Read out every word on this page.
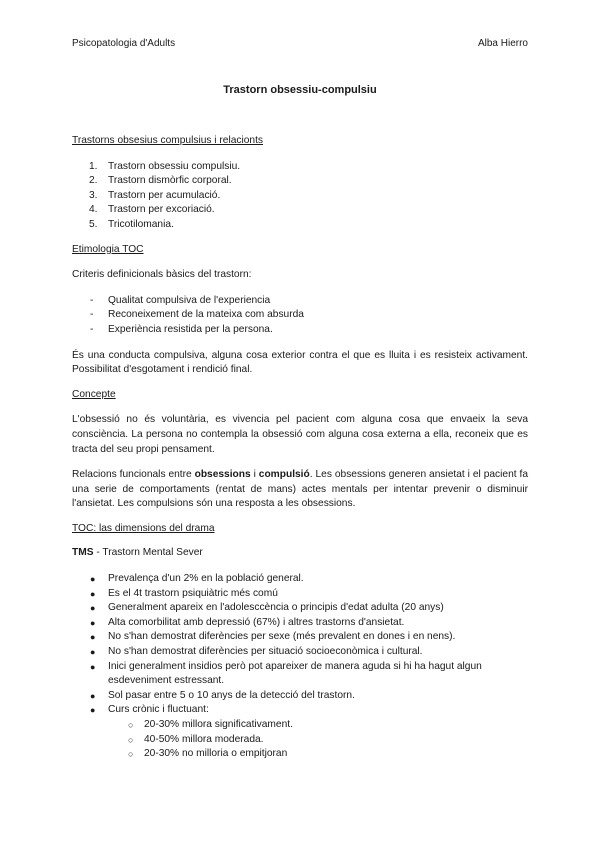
Psicopatologia d'Adults	Alba Hierro
Trastorn obsessiu-compulsiu

Trastorns obsesius compulsius i relacionts

1. Trastorn obsessiu compulsiu.
2. Trastorn dismòrfic corporal.
3. Trastorn per acumulació.
4. Trastorn per excoriació.
5. Tricotilomania.

Etimologia TOC

Criteris definicionals bàsics del trastorn:

- Qualitat compulsiva de l'experiencia
- Reconeixement de la mateixa com absurda
- Experiència resistida per la persona.

És una conducta compulsiva, alguna cosa exterior contra el que es lluita i es resisteix activament. Possibilitat d'esgotament i rendició final.

Concepte

L'obsessió no és voluntària, es vivencia pel pacient com alguna cosa que envaeix la seva consciència. La persona no contempla la obsessió com alguna cosa externa a ella, reconeix que es tracta del seu propi pensament.

Relacions funcionals entre obsessions i compulsió. Les obsessions generen ansietat i el pacient fa una serie de comportaments (rentat de mans) actes mentals per intentar prevenir o disminuir l'ansietat. Les compulsions són una resposta a les obsessions.

TOC: las dimensions del drama

TMS - Trastorn Mental Sever

● Prevalença d'un 2% en la població general.
● Es el 4t trastorn psiquiàtric més comú
● Generalment apareix en l'adolesccència o principis d'edat adulta (20 anys)
● Alta comorbilitat amb depressió (67%) i altres trastorns d'ansietat.
● No s'han demostrat diferències per sexe (més prevalent en dones i en nens).
● No s'han demostrat diferències per situació socioeconòmica i cultural.
● Inici generalment insidios però pot apareixer de manera aguda si hi ha hagut algun esdeveniment estressant.
● Sol pasar entre 5 o 10 anys de la detecció del trastorn.
● Curs crònic i fluctuant:
○ 20-30% millora significativament.
○ 40-50% millora moderada.
○ 20-30% no milloria o empitjoran
